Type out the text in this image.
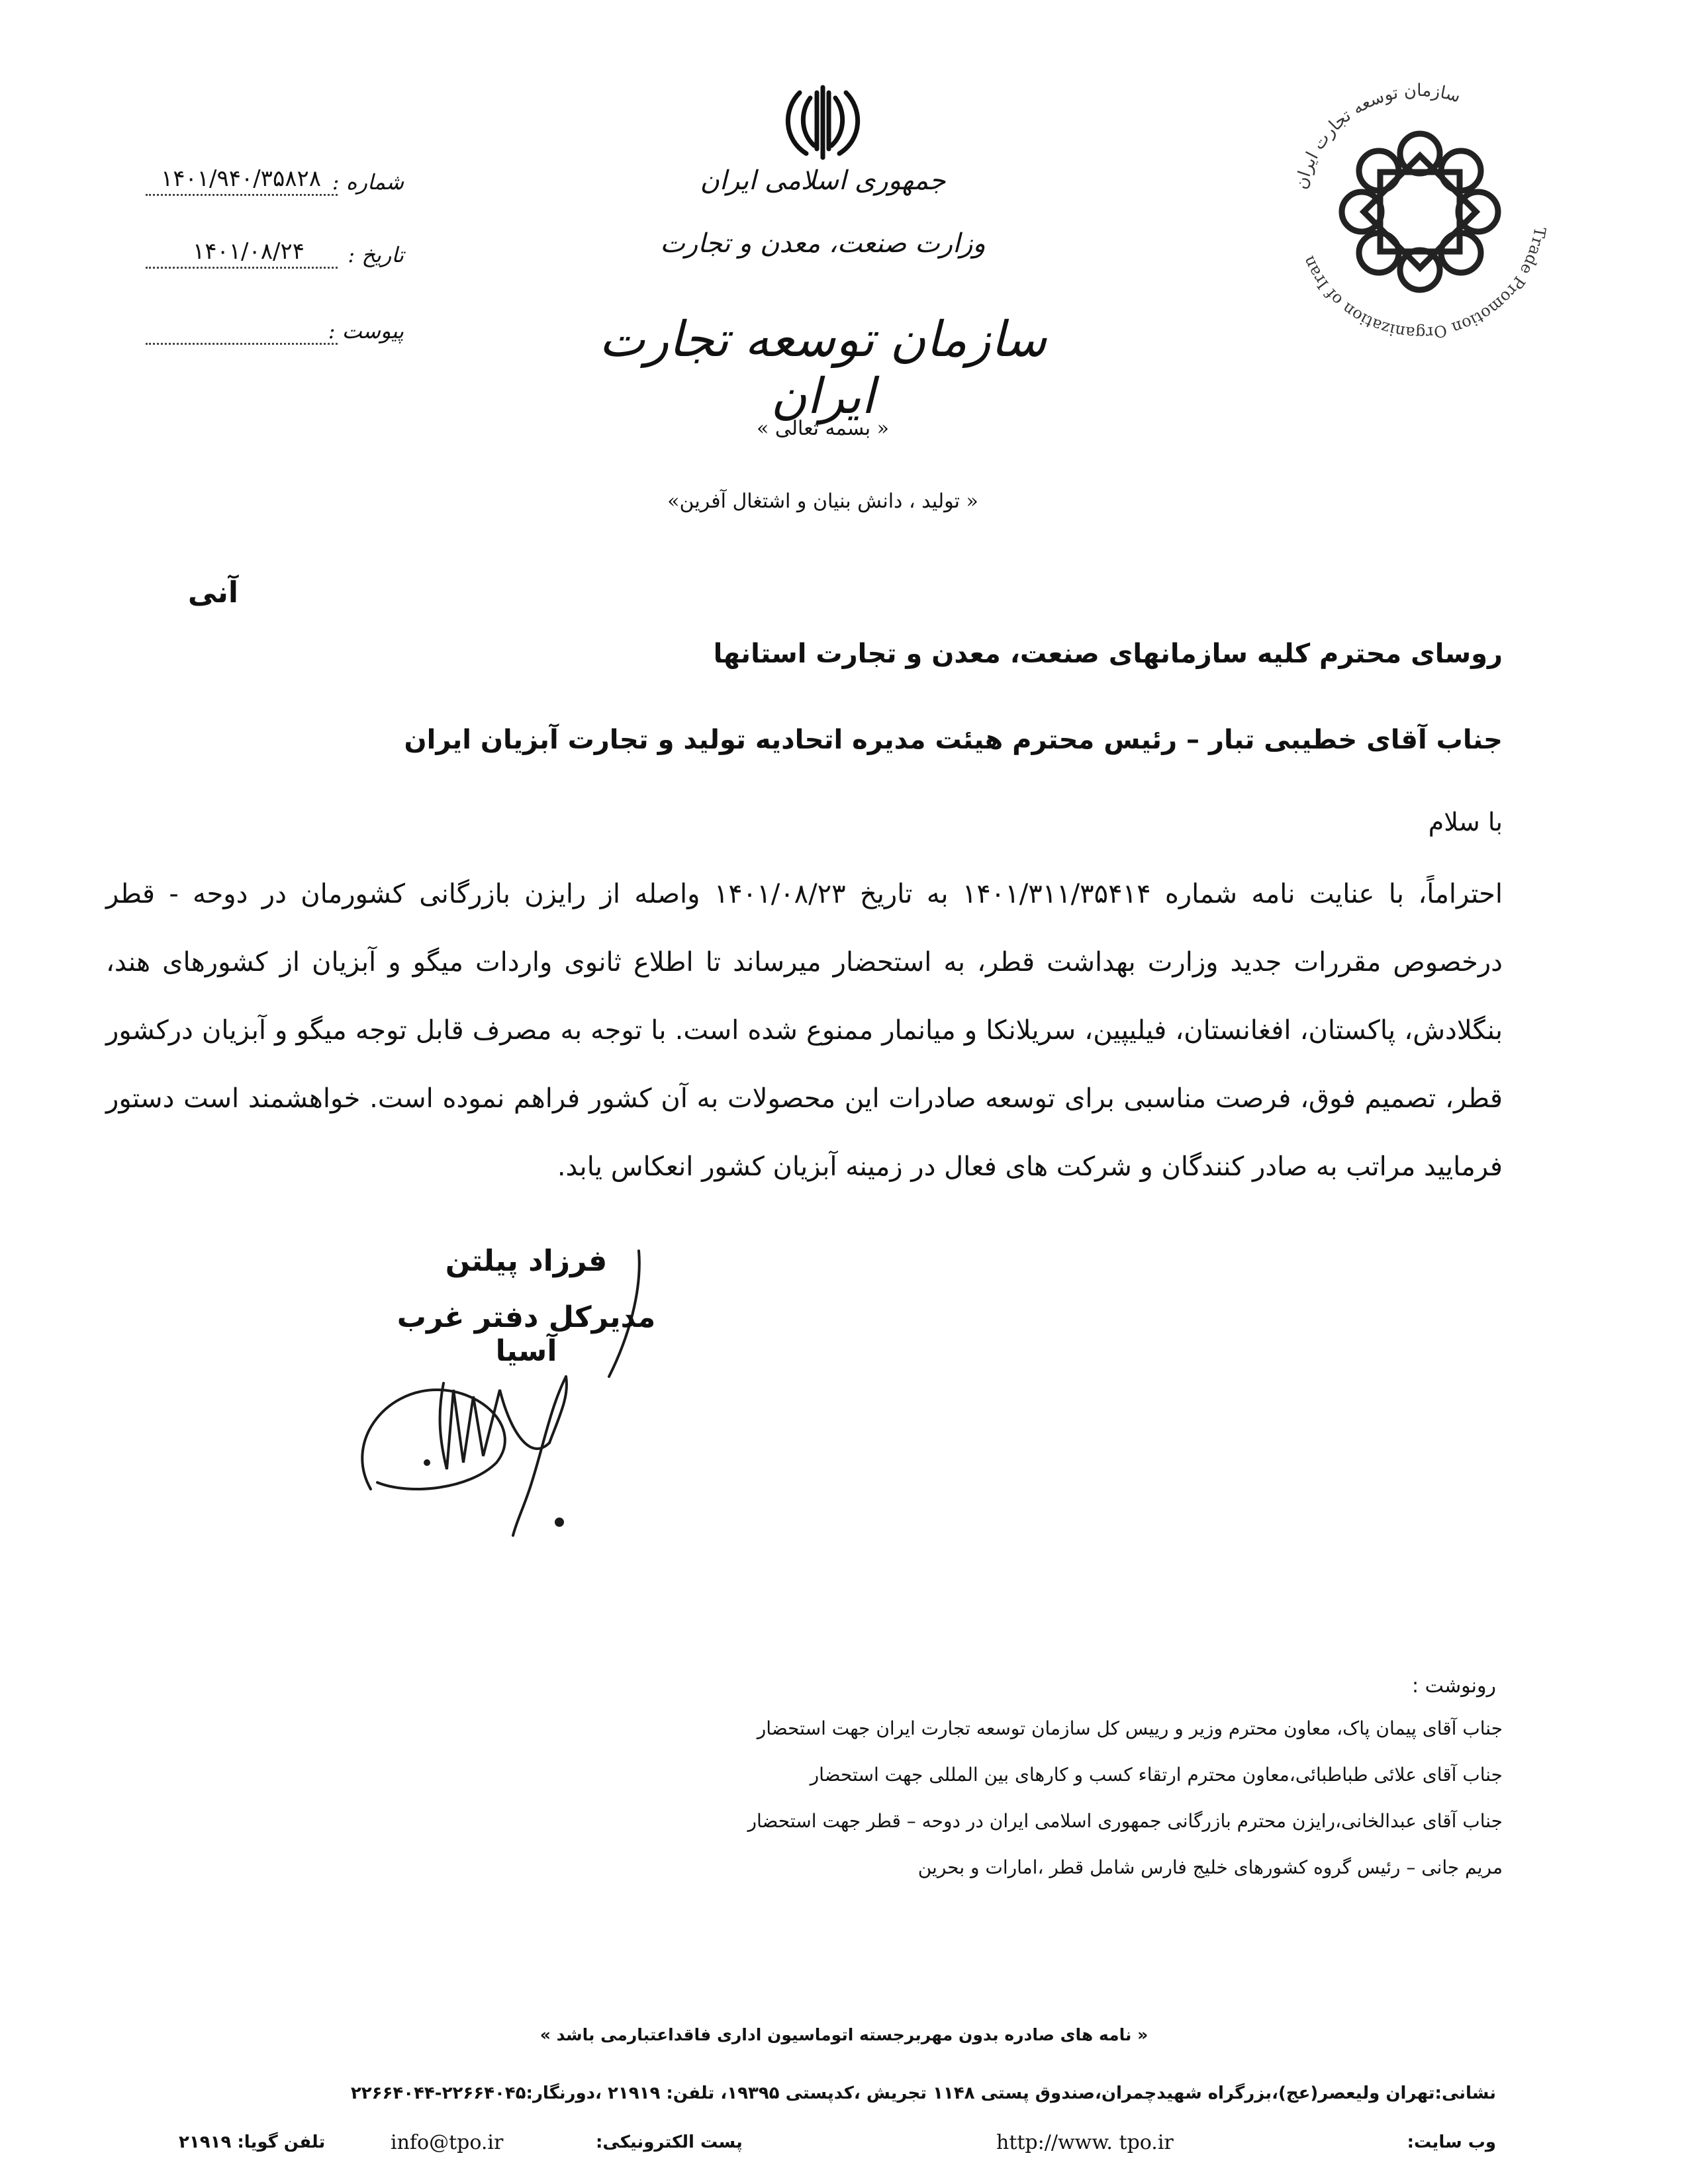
جمهوری اسلامی ایران
وزارت صنعت، معدن و تجارت
سازمان توسعه تجارت ایران
« بسمه تعالی »
« تولید ، دانش بنیان و اشتغال آفرین»
شماره :
۱۴۰۱/۹۴۰/۳۵۸۲۸
تاریخ :
۱۴۰۱/۰۸/۲۴
پیوست :
سازمان توسعه تجارت ایران
Trade Promotion Organization of Iran
آنی
روسای محترم کلیه سازمانهای صنعت، معدن و تجارت استانها
جناب آقای خطیبی تبار – رئیس محترم هیئت مدیره اتحادیه تولید و تجارت آبزیان ایران
با سلام
احتراماً، با عنایت نامه شماره ۱۴۰۱/۳۱۱/۳۵۴۱۴ به تاریخ ۱۴۰۱/۰۸/۲۳ واصله از رایزن بازرگانی کشورمان در دوحه - قطر درخصوص مقررات جدید وزارت بهداشت قطر، به استحضار میرساند تا اطلاع ثانوی واردات میگو و آبزیان از کشورهای هند، بنگلادش، پاکستان، افغانستان، فیلیپین، سریلانکا و میانمار ممنوع شده است. با توجه به مصرف قابل توجه میگو و آبزیان درکشور قطر، تصمیم فوق، فرصت مناسبی برای توسعه صادرات این محصولات به آن کشور فراهم نموده است. خواهشمند است دستور فرمایید مراتب به صادر کنندگان و شرکت های فعال در زمینه آبزیان کشور انعکاس یابد.
فرزاد پیلتن
مدیرکل دفتر غرب آسیا
رونوشت :
جناب آقای پیمان پاک، معاون محترم وزیر و رییس کل سازمان توسعه تجارت ایران جهت استحضار
جناب آقای علائی طباطبائی،معاون محترم ارتقاء کسب و کارهای بین المللی جهت استحضار
جناب آقای عبدالخانی،رایزن محترم بازرگانی جمهوری اسلامی ایران در دوحه – قطر جهت استحضار
مریم جانی – رئیس گروه کشورهای خلیج فارس شامل قطر ،امارات و بحرین
« نامه های صادره بدون مهربرجسته اتوماسیون اداری فاقداعتبارمی باشد »
نشانی:تهران ولیعصر(عج)،بزرگراه شهیدچمران،صندوق پستی ۱۱۴۸ تجریش ،کدپستی ۱۹۳۹۵، تلفن: ۲۱۹۱۹ ،دورنگار:۲۲۶۶۴۰۴۵-۲۲۶۶۴۰۴۴
وب سایت:
http://www. tpo.ir
پست الکترونیکی:
info@tpo.ir
تلفن گویا: ۲۱۹۱۹
